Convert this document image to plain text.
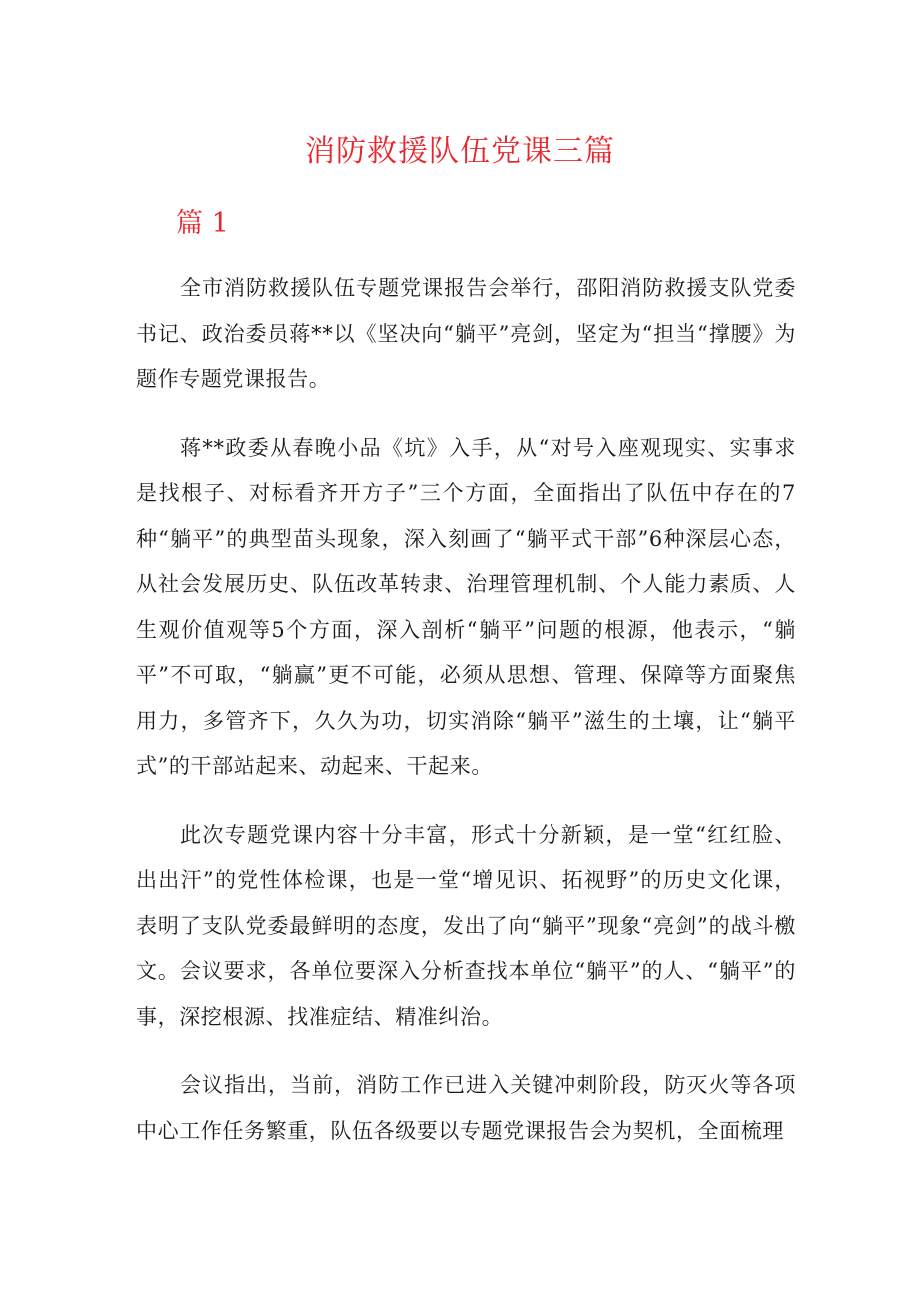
消防救援队伍党课三篇
篇 1

全市消防救援队伍专题党课报告会举行，邵阳消防救援支队党委书记、政治委员蒋**以《坚决向“躺平”亮剑，坚定为“担当“撑腰》为题作专题党课报告。

蒋**政委从春晚小品《坑》入手，从“对号入座观现实、实事求是找根子、对标看齐开方子”三个方面，全面指出了队伍中存在的7种“躺平”的典型苗头现象，深入刻画了“躺平式干部”6种深层心态，从社会发展历史、队伍改革转隶、治理管理机制、个人能力素质、人生观价值观等5个方面，深入剖析“躺平”问题的根源，他表示，“躺平”不可取，“躺赢”更不可能，必须从思想、管理、保障等方面聚焦用力，多管齐下，久久为功，切实消除“躺平”滋生的土壤，让“躺平式”的干部站起来、动起来、干起来。

此次专题党课内容十分丰富，形式十分新颖，是一堂“红红脸、出出汗”的党性体检课，也是一堂“增见识、拓视野”的历史文化课，表明了支队党委最鲜明的态度，发出了向“躺平”现象“亮剑”的战斗檄文。会议要求，各单位要深入分析查找本单位“躺平”的人、“躺平”的事，深挖根源、找准症结、精准纠治。

会议指出，当前，消防工作已进入关键冲刺阶段，防灭火等各项中心工作任务繁重，队伍各级要以专题党课报告会为契机，全面梳理
